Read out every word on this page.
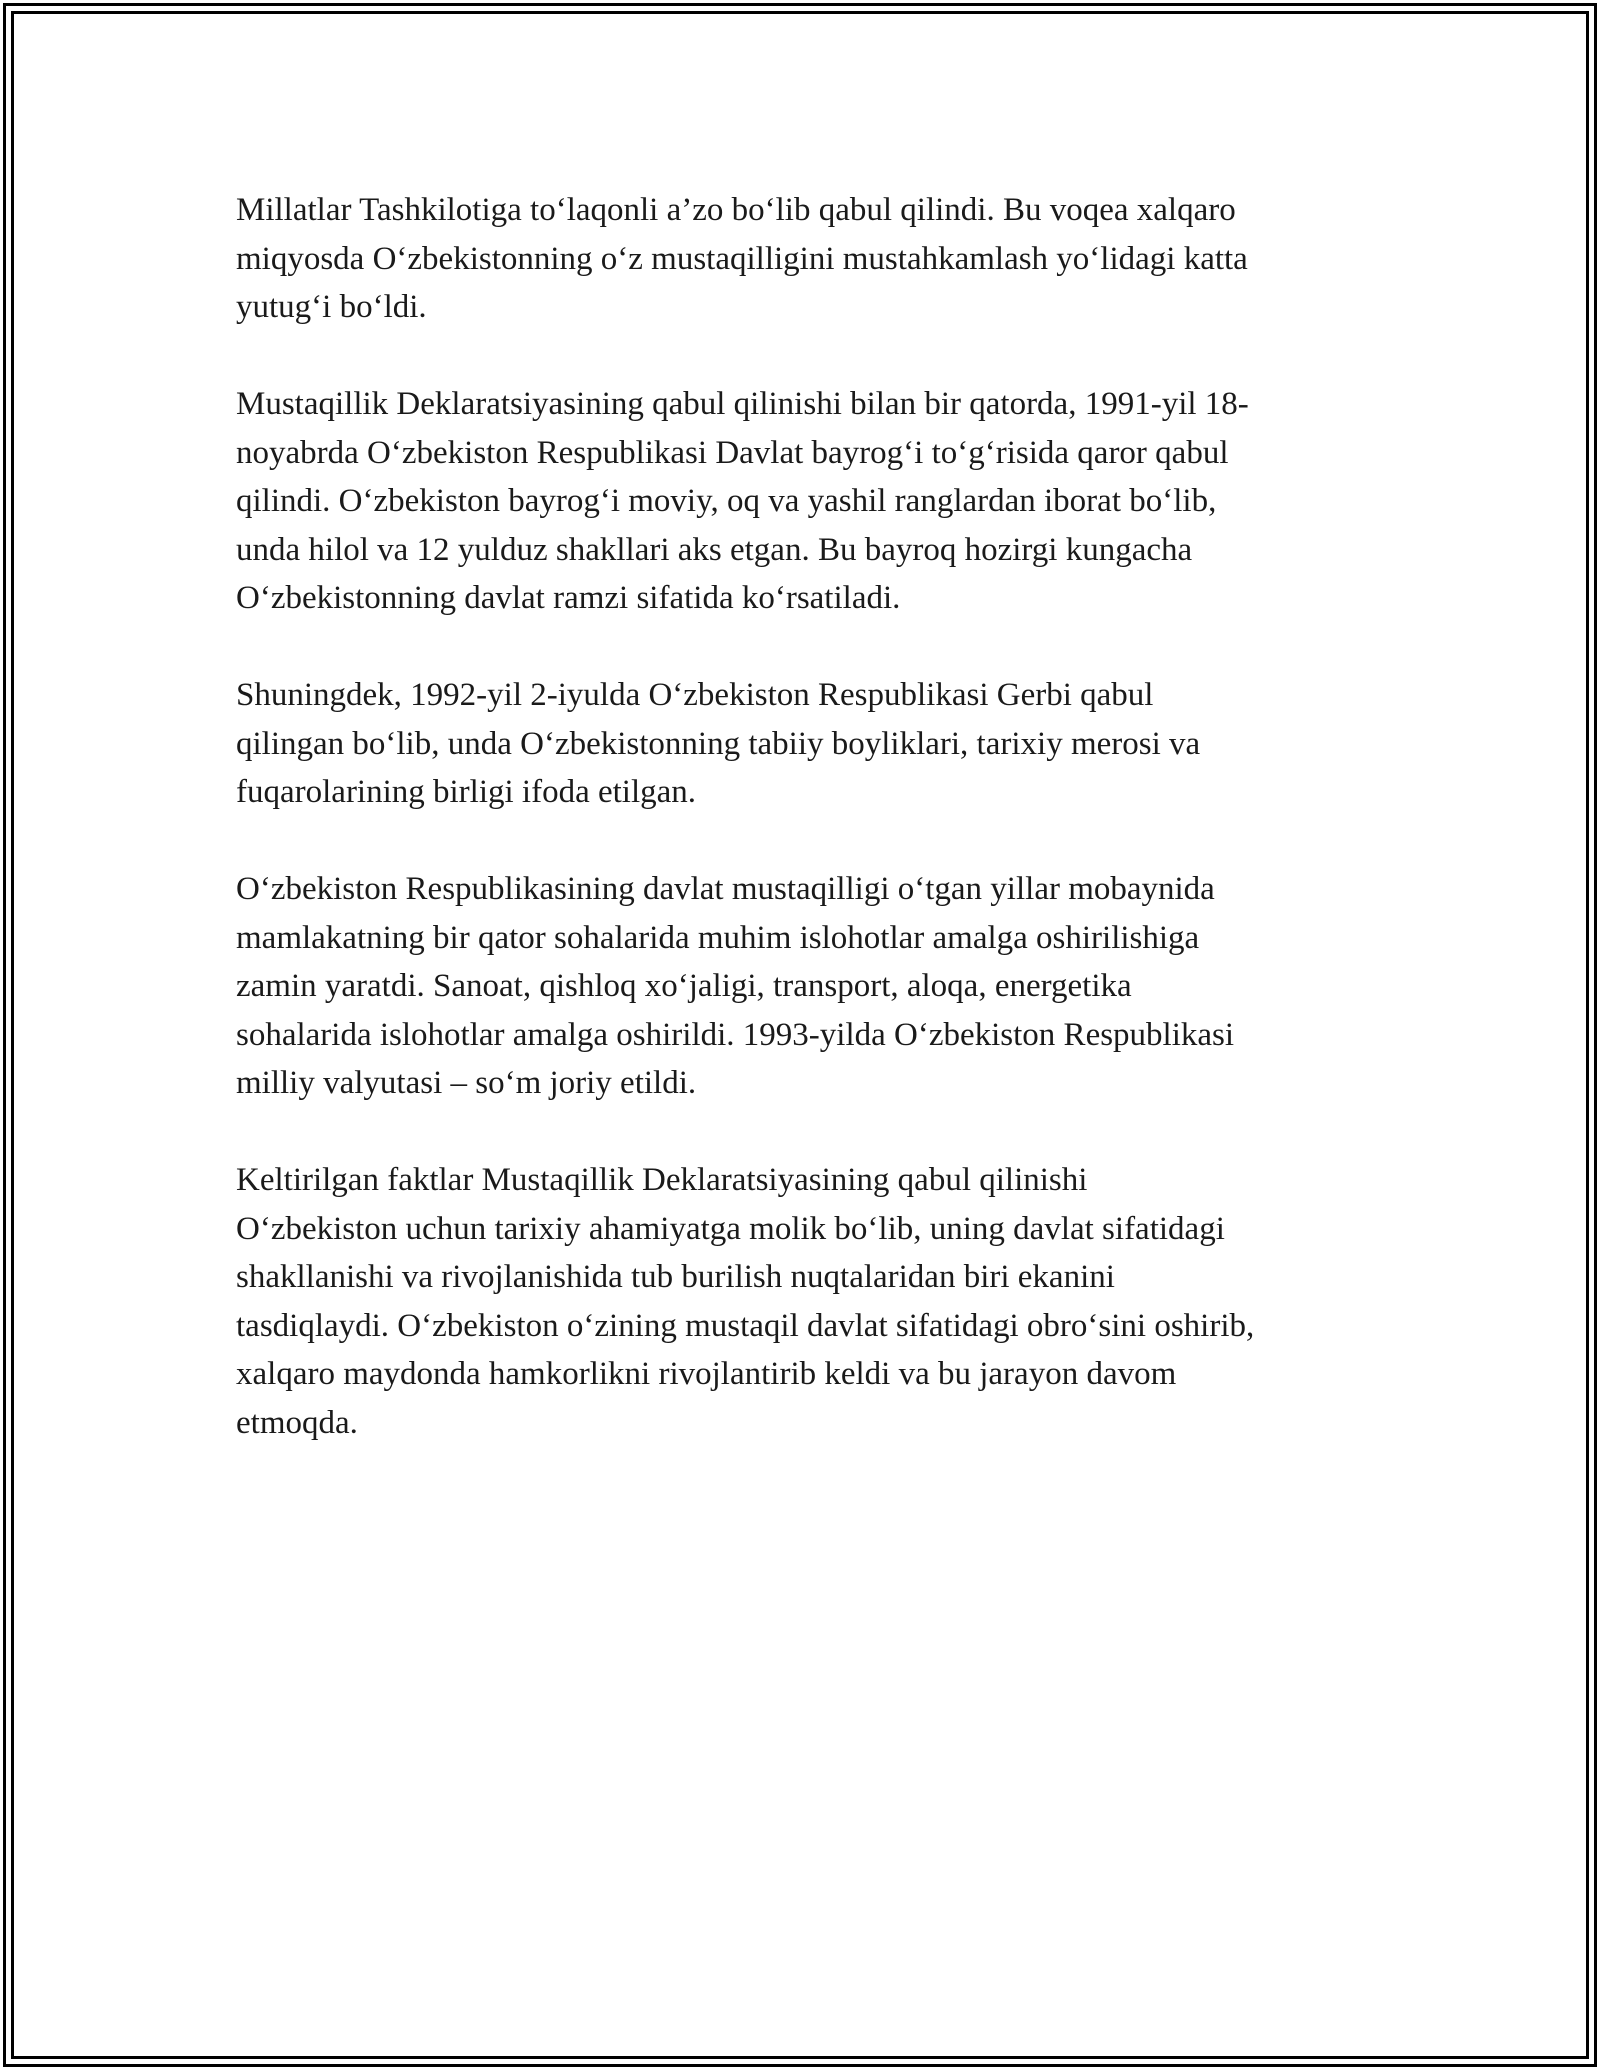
Millatlar Tashkilotiga to‘laqonli a’zo bo‘lib qabul qilindi. Bu voqea xalqaro
miqyosda O‘zbekistonning o‘z mustaqilligini mustahkamlash yo‘lidagi katta
yutug‘i bo‘ldi.

Mustaqillik Deklaratsiyasining qabul qilinishi bilan bir qatorda, 1991-yil 18-
noyabrda O‘zbekiston Respublikasi Davlat bayrog‘i to‘g‘risida qaror qabul
qilindi. O‘zbekiston bayrog‘i moviy, oq va yashil ranglardan iborat bo‘lib,
unda hilol va 12 yulduz shakllari aks etgan. Bu bayroq hozirgi kungacha
O‘zbekistonning davlat ramzi sifatida ko‘rsatiladi.

Shuningdek, 1992-yil 2-iyulda O‘zbekiston Respublikasi Gerbi qabul
qilingan bo‘lib, unda O‘zbekistonning tabiiy boyliklari, tarixiy merosi va
fuqarolarining birligi ifoda etilgan.

O‘zbekiston Respublikasining davlat mustaqilligi o‘tgan yillar mobaynida
mamlakatning bir qator sohalarida muhim islohotlar amalga oshirilishiga
zamin yaratdi. Sanoat, qishloq xo‘jaligi, transport, aloqa, energetika
sohalarida islohotlar amalga oshirildi. 1993-yilda O‘zbekiston Respublikasi
milliy valyutasi – so‘m joriy etildi.

Keltirilgan faktlar Mustaqillik Deklaratsiyasining qabul qilinishi
O‘zbekiston uchun tarixiy ahamiyatga molik bo‘lib, uning davlat sifatidagi
shakllanishi va rivojlanishida tub burilish nuqtalaridan biri ekanini
tasdiqlaydi. O‘zbekiston o‘zining mustaqil davlat sifatidagi obro‘sini oshirib,
xalqaro maydonda hamkorlikni rivojlantirib keldi va bu jarayon davom
etmoqda.
